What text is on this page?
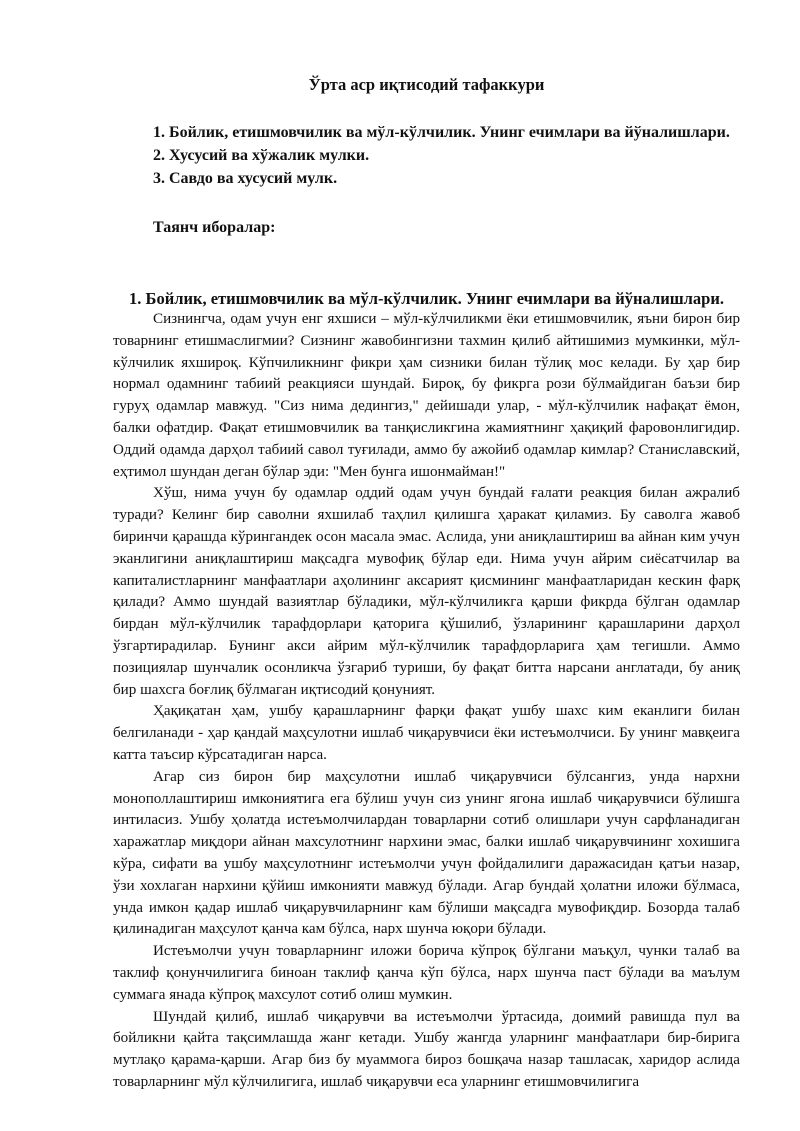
Ўрта аср иқтисодий тафаккури

1. Бойлик, етишмовчилик ва мўл-кўлчилик. Унинг ечимлари ва йўналишлари.

2. Хусусий ва хўжалик мулки.

3. Савдо ва хусусий мулк.

Таянч иборалар:
1. Бойлик, етишмовчилик ва мўл-кўлчилик. Унинг ечимлари ва йўналишлари.

Сизнингча, одам учун енг яхшиси – мўл-кўлчиликми ёки етишмовчилик, яъни бирон бир товарнинг етишмаслигмии? Сизнинг жавобингизни тахмин қилиб айтишимиз мумкинки, мўл-кўлчилик яхшироқ. Кўпчиликнинг фикри ҳам сизники билан тўлиқ мос келади. Бу ҳар бир нормал одамнинг табиий реакцияси шундай. Бироқ, бу фикрга рози бўлмайдиган баъзи бир гуруҳ одамлар мавжуд. "Сиз нима дедингиз," дейишади улар, - мўл-кўлчилик нафақат ёмон, балки офатдир. Фақат етишмовчилик ва танқисликгина жамиятнинг ҳақиқий фаровонлигидир. Оддий одамда дарҳол табиий савол туғилади, аммо бу ажойиб одамлар кимлар? Станиславский, еҳтимол шундан деган бўлар эди: "Мен бунга ишонмайман!"

Хўш, нима учун бу одамлар оддий одам учун бундай ғалати реакция билан ажралиб туради? Келинг бир саволни яхшилаб таҳлил қилишга ҳаракат қиламиз. Бу саволга жавоб биринчи қарашда кўрингандек осон масала эмас. Аслида, уни аниқлаштириш ва айнан ким учун эканлигини аниқлаштириш мақсадга мувофиқ бўлар еди. Нима учун айрим сиёсатчилар ва капиталистларнинг манфаатлари аҳолининг аксарият қисмининг манфаатларидан кескин фарқ қилади? Аммо шундай вазиятлар бўладики, мўл-кўлчиликга қарши фикрда бўлган одамлар бирдан мўл-кўлчилик тарафдорлари қаторига қўшилиб, ўзларининг қарашларини дарҳол ўзгартирадилар. Бунинг акси айрим мўл-кўлчилик тарафдорларига ҳам тегишли. Аммо позициялар шунчалик осонликча ўзгариб туриши, бу фақат битта нарсани англатади, бу аниқ бир шахсга боғлиқ бўлмаган иқтисодий қонуният.

Ҳақиқатан ҳам, ушбу қарашларнинг фарқи фақат ушбу шахс ким еканлиги билан белгиланади - ҳар қандай маҳсулотни ишлаб чиқарувчиси ёки истеъмолчиси. Бу унинг мавқеига катта таъсир кўрсатадиган нарса.

Агар сиз бирон бир маҳсулотни ишлаб чиқарувчиси бўлсангиз, унда нархни монополлаштириш имкониятига ега бўлиш учун сиз унинг ягона ишлаб чиқарувчиси бўлишга интиласиз. Ушбу ҳолатда истеъмолчилардан товарларни сотиб олишлари учун сарфланадиган харажатлар миқдори айнан махсулотнинг нархини эмас, балки ишлаб чиқарувчининг хохишига кўра, сифати ва ушбу маҳсулотнинг истеъмолчи учун фойдалилиги даражасидан қатъи назар, ўзи хохлаган нархини қўйиш имконияти мавжуд бўлади. Агар бундай ҳолатни иложи бўлмаса, унда имкон қадар ишлаб чиқарувчиларнинг кам бўлиши мақсадга мувофиқдир. Бозорда талаб қилинадиган маҳсулот қанча кам бўлса, нарх шунча юқори бўлади.

Истеъмолчи учун товарларнинг иложи борича кўпроқ бўлгани маъқул, чунки талаб ва таклиф қонунчилигига биноан таклиф қанча кўп бўлса, нарх шунча паст бўлади ва маълум суммага янада кўпроқ махсулот сотиб олиш мумкин.

Шундай қилиб, ишлаб чиқарувчи ва истеъмолчи ўртасида, доимий равишда пул ва бойликни қайта тақсимлашда жанг кетади. Ушбу жангда уларнинг манфаатлари бир-бирига мутлақо қарама-қарши. Агар биз бу муаммога бироз бошқача назар ташласак, харидор аслида товарларнинг мўл кўлчилигига, ишлаб чиқарувчи еса уларнинг етишмовчилигига
